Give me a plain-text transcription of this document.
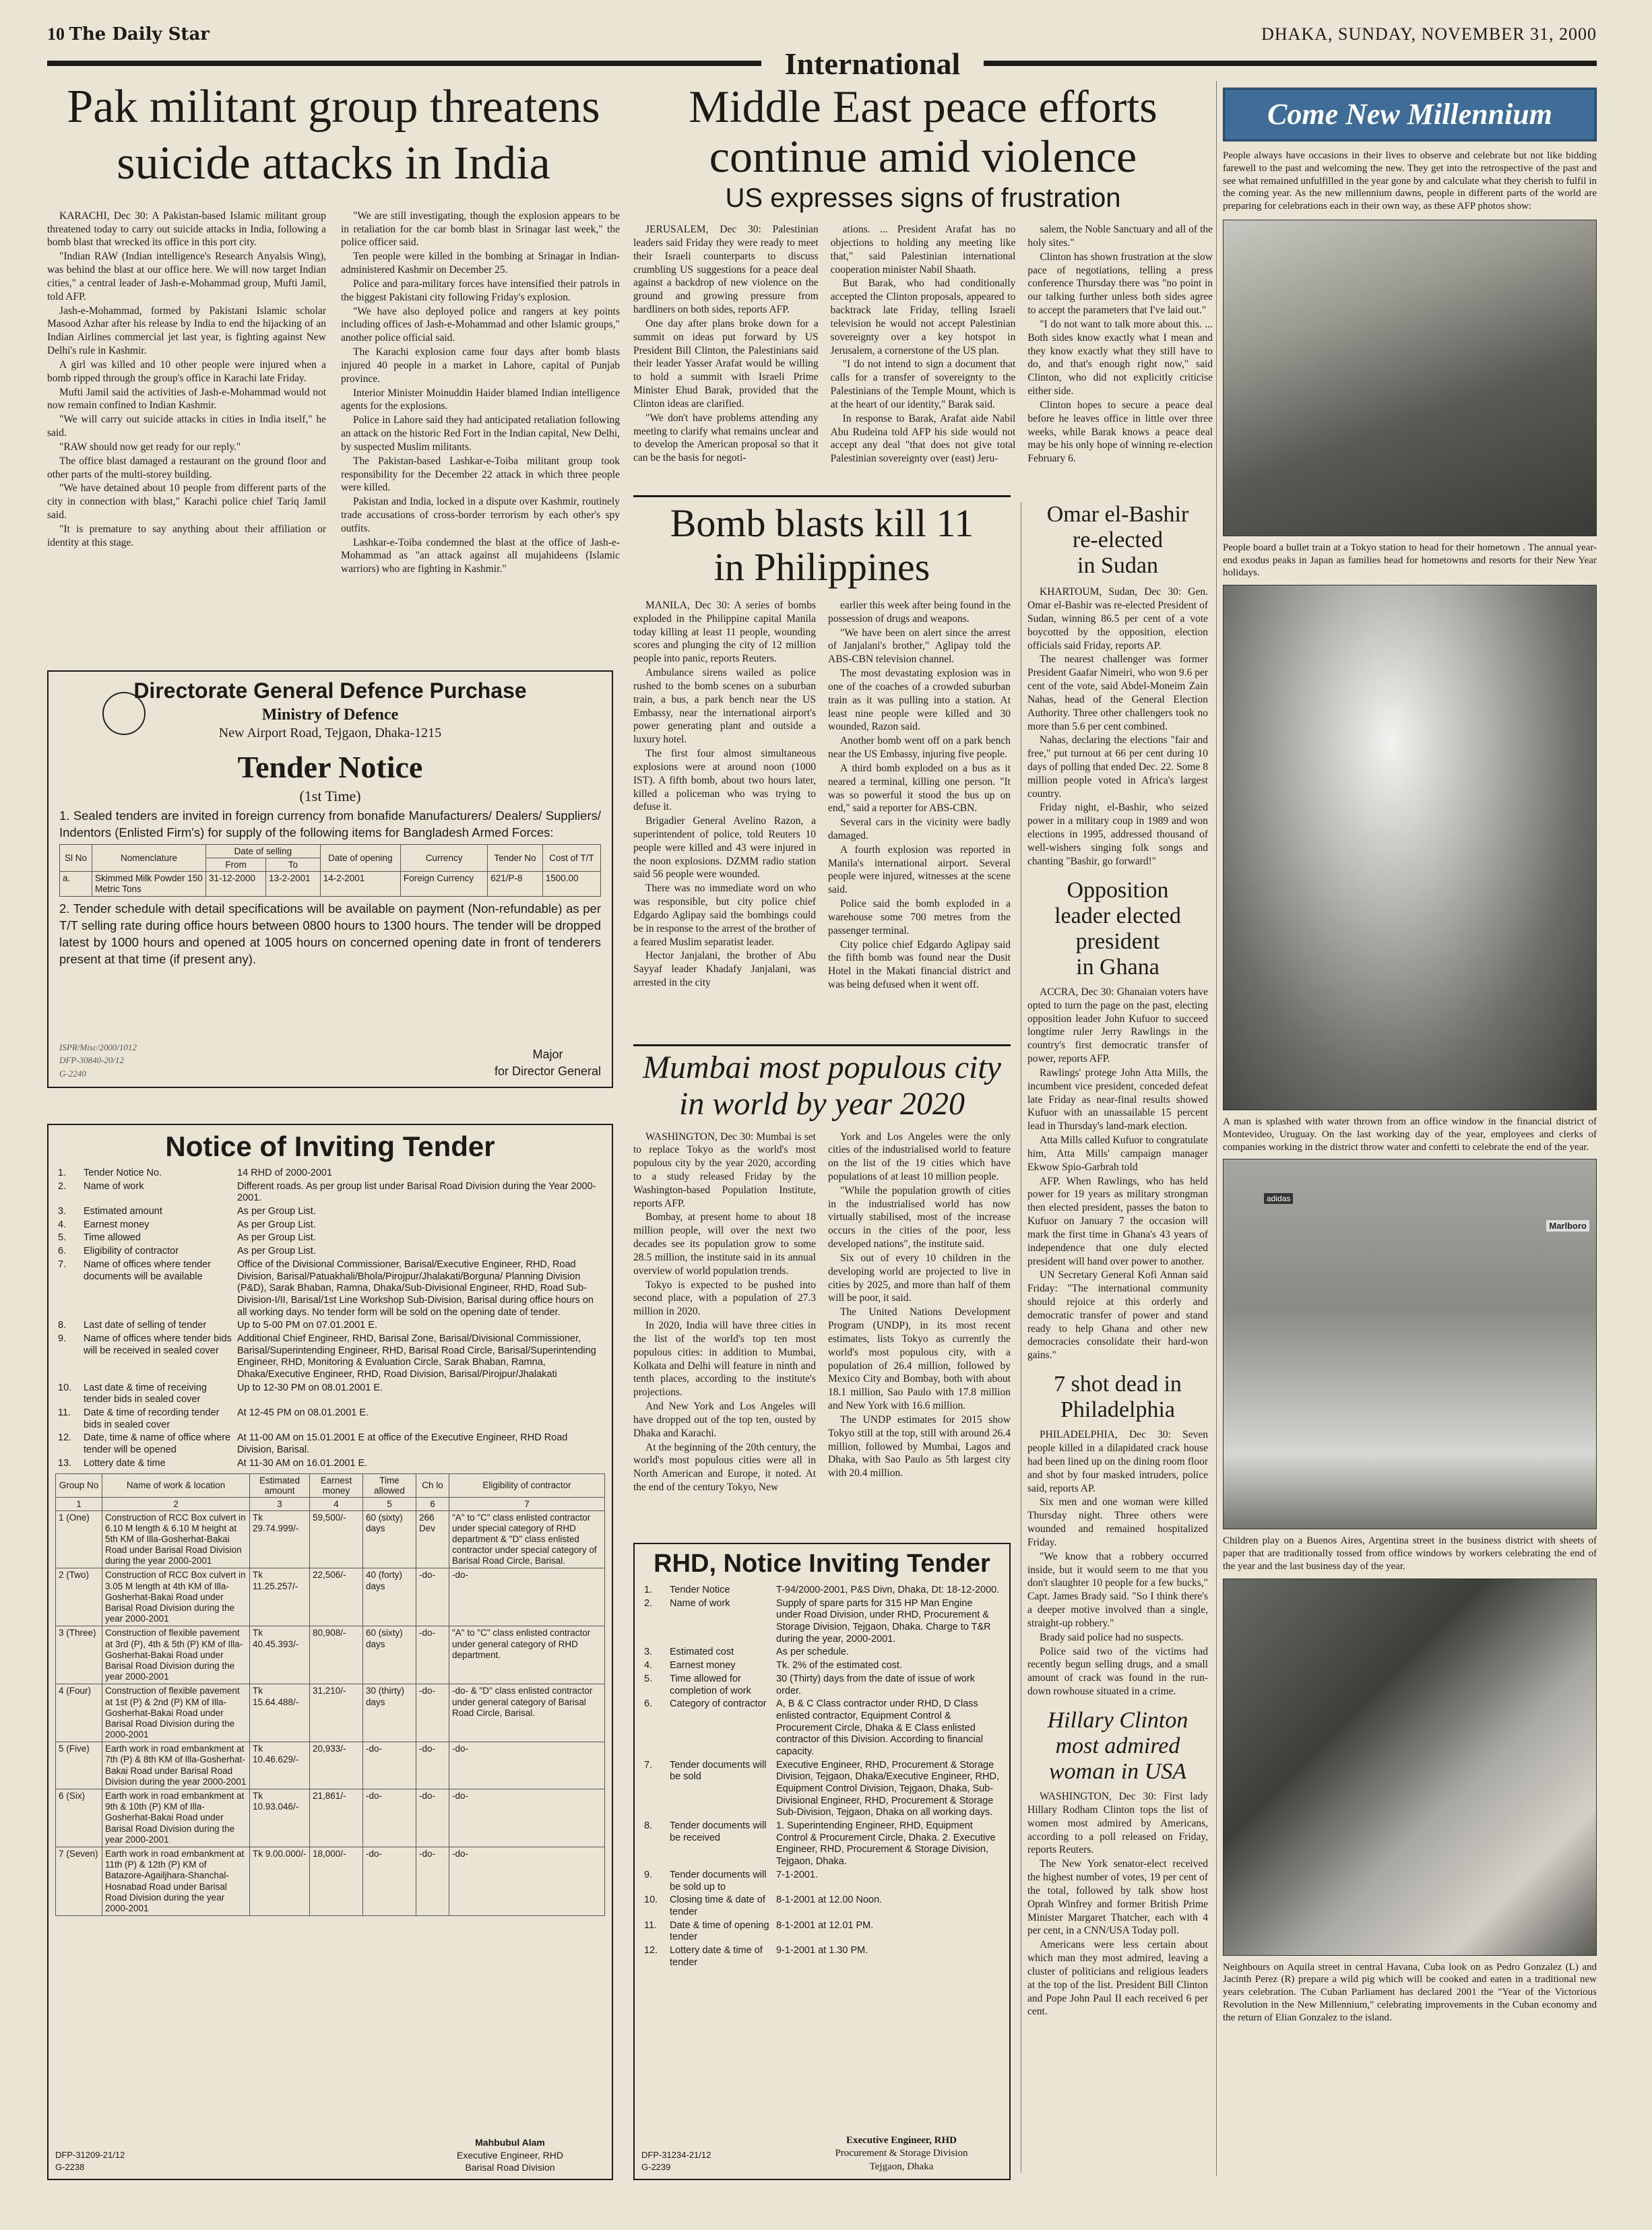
10 The Daily Star	DHAKA, SUNDAY, NOVEMBER 31, 2000
International
Pak militant group threatens
suicide attacks in India

KARACHI, Dec 30: A Pakistan-based Islamic militant group threatened today to carry out suicide attacks in India, following a bomb blast that wrecked its office in this port city.

"Indian RAW (Indian intelligence's Research Anyalsis Wing), was behind the blast at our office here. We will now target Indian cities," a central leader of Jash-e-Mohammad group, Mufti Jamil, told AFP.

Jash-e-Mohammad, formed by Pakistani Islamic scholar Masood Azhar after his release by India to end the hijacking of an Indian Airlines commercial jet last year, is fighting against New Delhi's rule in Kashmir.

A girl was killed and 10 other people were injured when a bomb ripped through the group's office in Karachi late Friday.

Mufti Jamil said the activities of Jash-e-Mohammad would not now remain confined to Indian Kashmir.

"We will carry out suicide attacks in cities in India itself," he said.

"RAW should now get ready for our reply."

The office blast damaged a restaurant on the ground floor and other parts of the multi-storey building.

"We have detained about 10 people from different parts of the city in connection with blast," Karachi police chief Tariq Jamil said.

"It is premature to say anything about their affiliation or identity at this stage.

"We are still investigating, though the explosion appears to be in retaliation for the car bomb blast in Srinagar last week," the police officer said.

Ten people were killed in the bombing at Srinagar in Indian-administered Kashmir on December 25.

Police and para-military forces have intensified their patrols in the biggest Pakistani city following Friday's explosion.

"We have also deployed police and rangers at key points including offices of Jash-e-Mohammad and other Islamic groups," another police official said.

The Karachi explosion came four days after bomb blasts injured 40 people in a market in Lahore, capital of Punjab province.

Interior Minister Moinuddin Haider blamed Indian intelligence agents for the explosions.

Police in Lahore said they had anticipated retaliation following an attack on the historic Red Fort in the Indian capital, New Delhi, by suspected Muslim militants.

The Pakistan-based Lashkar-e-Toiba militant group took responsibility for the December 22 attack in which three people were killed.

Pakistan and India, locked in a dispute over Kashmir, routinely trade accusations of cross-border terrorism by each other's spy outfits.

Lashkar-e-Toiba condemned the blast at the office of Jash-e-Mohammad as "an attack against all mujahideens (Islamic warriors) who are fighting in Kashmir."

Directorate General Defence Purchase
Ministry of Defence
New Airport Road, Tejgaon, Dhaka-1215
Tender Notice
(1st Time)
1. Sealed tenders are invited in foreign currency from bonafide Manufacturers/ Dealers/ Suppliers/ Indentors (Enlisted Firm's) for supply of the following items for Bangladesh Armed Forces:
Sl No	Nomenclature	Date of selling		Date of opening	Currency	Tender No	Cost of T/T
		From	To				
a.	Skimmed Milk Powder 150 Metric Tons	31-12-2000	13-2-2001	14-2-2001	Foreign Currency	621/P-8	1500.00
2. Tender schedule with detail specifications will be available on payment (Non-refundable) as per T/T selling rate during office hours between 0800 hours to 1300 hours. The tender will be dropped latest by 1000 hours and opened at 1005 hours on concerned opening date in front of tenderers present at that time (if present any).
ISPR/Misc/2000/1012
DFP-30840-20/12
G-2240
Major
for Director General
Notice of Inviting Tender
1.	Tender Notice No.	14 RHD of 2000-2001
2.	Name of work	Different roads. As per group list under Barisal Road Division during the Year 2000-2001.
3.	Estimated amount	As per Group List.
4.	Earnest money	As per Group List.
5.	Time allowed	As per Group List.
6.	Eligibility of contractor	As per Group List.
7.	Name of offices where tender documents will be available	Office of the Divisional Commissioner, Barisal/Executive Engineer, RHD, Road Division, Barisal/Patuakhali/Bhola/Pirojpur/Jhalakati/Borguna/ Planning Division (P&D), Sarak Bhaban, Ramna, Dhaka/Sub-Divisional Engineer, RHD, Road Sub-Division-I/II, Barisal/1st Line Workshop Sub-Division, Barisal during office hours on all working days. No tender form will be sold on the opening date of tender.
8.	Last date of selling of tender	Up to 5-00 PM on 07.01.2001 E.
9.	Name of offices where tender bids will be received in sealed cover	Additional Chief Engineer, RHD, Barisal Zone, Barisal/Divisional Commissioner, Barisal/Superintending Engineer, RHD, Barisal Road Circle, Barisal/Superintending Engineer, RHD, Monitoring & Evaluation Circle, Sarak Bhaban, Ramna, Dhaka/Executive Engineer, RHD, Road Division, Barisal/Pirojpur/Jhalakati
10.	Last date & time of receiving tender bids in sealed cover	Up to 12-30 PM on 08.01.2001 E.
11.	Date & time of recording tender bids in sealed cover	At 12-45 PM on 08.01.2001 E.
12.	Date, time & name of office where tender will be opened	At 11-00 AM on 15.01.2001 E at office of the Executive Engineer, RHD Road Division, Barisal.
13.	Lottery date & time	At 11-30 AM on 16.01.2001 E.
Group No	Name of work & location	Estimated amount	Earnest money	Time allowed	Ch lo	Eligibility of contractor
1	2	3	4	5	6	7
1 (One)	Construction of RCC Box culvert in 6.10 M length & 6.10 M height at 5th KM of Illa-Gosherhat-Bakai Road under Barisal Road Division during the year 2000-2001	Tk 29.74.999/-	59,500/-	60 (sixty) days	266 Dev	"A" to "C" class enlisted contractor under special category of RHD department & "D" class enlisted contractor under special category of Barisal Road Circle, Barisal.
2 (Two)	Construction of RCC Box culvert in 3.05 M length at 4th KM of Illa-Gosherhat-Bakai Road under Barisal Road Division during the year 2000-2001	Tk 11.25.257/-	22,506/-	40 (forty) days	-do-	-do-
3 (Three)	Construction of flexible pavement at 3rd (P), 4th & 5th (P) KM of Illa-Gosherhat-Bakai Road under Barisal Road Division during the year 2000-2001	Tk 40.45.393/-	80,908/-	60 (sixty) days	-do-	"A" to "C" class enlisted contractor under general category of RHD department.
4 (Four)	Construction of flexible pavement at 1st (P) & 2nd (P) KM of Illa-Gosherhat-Bakai Road under Barisal Road Division during the 2000-2001	Tk 15.64.488/-	31,210/-	30 (thirty) days	-do-	-do- & "D" class enlisted contractor under general category of Barisal Road Circle, Barisal.
5 (Five)	Earth work in road embankment at 7th (P) & 8th KM of Illa-Gosherhat-Bakai Road under Barisal Road Division during the year 2000-2001	Tk 10.46.629/-	20,933/-	-do-	-do-	-do-
6 (Six)	Earth work in road embankment at 9th & 10th (P) KM of Illa-Gosherhat-Bakai Road under Barisal Road Division during the year 2000-2001	Tk 10.93.046/-	21,861/-	-do-	-do-	-do-
7 (Seven)	Earth work in road embankment at 11th (P) & 12th (P) KM of Batazore-Agailjhara-Shanchal-Hosnabad Road under Barisal Road Division during the year 2000-2001	Tk 9.00.000/-	18,000/-	-do-	-do-	-do-
DFP-31209-21/12
G-2238
Mahbubul Alam
Executive Engineer, RHD
Barisal Road Division
Middle East peace efforts
continue amid violence
US expresses signs of frustration

JERUSALEM, Dec 30: Palestinian leaders said Friday they were ready to meet their Israeli counterparts to discuss crumbling US suggestions for a peace deal against a backdrop of new violence on the ground and growing pressure from hardliners on both sides, reports AFP.

One day after plans broke down for a summit on ideas put forward by US President Bill Clinton, the Palestinians said their leader Yasser Arafat would be willing to hold a summit with Israeli Prime Minister Ehud Barak, provided that the Clinton ideas are clarified.

"We don't have problems attending any meeting to clarify what remains unclear and to develop the American proposal so that it can be the basis for negoti-

ations. ... President Arafat has no objections to holding any meeting like that," said Palestinian international cooperation minister Nabil Shaath.

But Barak, who had conditionally accepted the Clinton proposals, appeared to backtrack late Friday, telling Israeli television he would not accept Palestinian sovereignty over a key hotspot in Jerusalem, a cornerstone of the US plan.

"I do not intend to sign a document that calls for a transfer of sovereignty to the Palestinians of the Temple Mount, which is at the heart of our identity," Barak said.

In response to Barak, Arafat aide Nabil Abu Rudeina told AFP his side would not accept any deal "that does not give total Palestinian sovereignty over (east) Jeru-

salem, the Noble Sanctuary and all of the holy sites."

Clinton has shown frustration at the slow pace of negotiations, telling a press conference Thursday there was "no point in our talking further unless both sides agree to accept the parameters that I've laid out."

"I do not want to talk more about this. ... Both sides know exactly what I mean and they know exactly what they still have to do, and that's enough right now," said Clinton, who did not explicitly criticise either side.

Clinton hopes to secure a peace deal before he leaves office in little over three weeks, while Barak knows a peace deal may be his only hope of winning re-election February 6.

Bomb blasts kill 11
in Philippines

MANILA, Dec 30: A series of bombs exploded in the Philippine capital Manila today killing at least 11 people, wounding scores and plunging the city of 12 million people into panic, reports Reuters.

Ambulance sirens wailed as police rushed to the bomb scenes on a suburban train, a bus, a park bench near the US Embassy, near the international airport's power generating plant and outside a luxury hotel.

The first four almost simultaneous explosions were at around noon (1000 IST). A fifth bomb, about two hours later, killed a policeman who was trying to defuse it.

Brigadier General Avelino Razon, a superintendent of police, told Reuters 10 people were killed and 43 were injured in the noon explosions. DZMM radio station said 56 people were wounded.

There was no immediate word on who was responsible, but city police chief Edgardo Aglipay said the bombings could be in response to the arrest of the brother of a feared Muslim separatist leader.

Hector Janjalani, the brother of Abu Sayyaf leader Khadafy Janjalani, was arrested in the city

earlier this week after being found in the possession of drugs and weapons.

"We have been on alert since the arrest of Janjalani's brother," Aglipay told the ABS-CBN television channel.

The most devastating explosion was in one of the coaches of a crowded suburban train as it was pulling into a station. At least nine people were killed and 30 wounded, Razon said.

Another bomb went off on a park bench near the US Embassy, injuring five people.

A third bomb exploded on a bus as it neared a terminal, killing one person. "It was so powerful it stood the bus up on end," said a reporter for ABS-CBN.

Several cars in the vicinity were badly damaged.

A fourth explosion was reported in Manila's international airport. Several people were injured, witnesses at the scene said.

Police said the bomb exploded in a warehouse some 700 metres from the passenger terminal.

City police chief Edgardo Aglipay said the fifth bomb was found near the Dusit Hotel in the Makati financial district and was being defused when it went off.

Mumbai most populous city
in world by year 2020

WASHINGTON, Dec 30: Mumbai is set to replace Tokyo as the world's most populous city by the year 2020, according to a study released Friday by the Washington-based Population Institute, reports AFP.

Bombay, at present home to about 18 million people, will over the next two decades see its population grow to some 28.5 million, the institute said in its annual overview of world population trends.

Tokyo is expected to be pushed into second place, with a population of 27.3 million in 2020.

In 2020, India will have three cities in the list of the world's top ten most populous cities: in addition to Mumbai, Kolkata and Delhi will feature in ninth and tenth places, according to the institute's projections.

And New York and Los Angeles will have dropped out of the top ten, ousted by Dhaka and Karachi.

At the beginning of the 20th century, the world's most populous cities were all in North American and Europe, it noted. At the end of the century Tokyo, New

York and Los Angeles were the only cities of the industrialised world to feature on the list of the 19 cities which have populations of at least 10 million people.

"While the population growth of cities in the industrialised world has now virtually stabilised, most of the increase occurs in the cities of the poor, less developed nations", the institute said.

Six out of every 10 children in the developing world are projected to live in cities by 2025, and more than half of them will be poor, it said.

The United Nations Development Program (UNDP), in its most recent estimates, lists Tokyo as currently the world's most populous city, with a population of 26.4 million, followed by Mexico City and Bombay, both with about 18.1 million, Sao Paulo with 17.8 million and New York with 16.6 million.

The UNDP estimates for 2015 show Tokyo still at the top, still with around 26.4 million, followed by Mumbai, Lagos and Dhaka, with Sao Paulo as 5th largest city with 20.4 million.

RHD, Notice Inviting Tender
1.	Tender Notice	T-94/2000-2001, P&S Divn, Dhaka, Dt: 18-12-2000.
2.	Name of work	Supply of spare parts for 315 HP Man Engine under Road Division, under RHD, Procurement & Storage Division, Tejgaon, Dhaka. Charge to T&R during the year, 2000-2001.
3.	Estimated cost	As per schedule.
4.	Earnest money	Tk. 2% of the estimated cost.
5.	Time allowed for completion of work	30 (Thirty) days from the date of issue of work order.
6.	Category of contractor	A, B & C Class contractor under RHD, D Class enlisted contractor, Equipment Control & Procurement Circle, Dhaka & E Class enlisted contractor of this Division. According to financial capacity.
7.	Tender documents will be sold	Executive Engineer, RHD, Procurement & Storage Division, Tejgaon, Dhaka/Executive Engineer, RHD, Equipment Control Division, Tejgaon, Dhaka, Sub-Divisional Engineer, RHD, Procurement & Storage Sub-Division, Tejgaon, Dhaka on all working days.
8.	Tender documents will be received	1. Superintending Engineer, RHD, Equipment Control & Procurement Circle, Dhaka. 2. Executive Engineer, RHD, Procurement & Storage Division, Tejgaon, Dhaka.
9.	Tender documents will be sold up to	7-1-2001.
10.	Closing time & date of tender	8-1-2001 at 12.00 Noon.
11.	Date & time of opening tender	8-1-2001 at 12.01 PM.
12.	Lottery date & time of tender	9-1-2001 at 1.30 PM.
DFP-31234-21/12
G-2239
Executive Engineer, RHD
Procurement & Storage Division
Tejgaon, Dhaka
Omar el-Bashir
re-elected
in Sudan

KHARTOUM, Sudan, Dec 30: Gen. Omar el-Bashir was re-elected President of Sudan, winning 86.5 per cent of a vote boycotted by the opposition, election officials said Friday, reports AP.

The nearest challenger was former President Gaafar Nimeiri, who won 9.6 per cent of the vote, said Abdel-Moneim Zain Nahas, head of the General Election Authority. Three other challengers took no more than 5.6 per cent combined.

Nahas, declaring the elections "fair and free," put turnout at 66 per cent during 10 days of polling that ended Dec. 22. Some 8 million people voted in Africa's largest country.

Friday night, el-Bashir, who seized power in a military coup in 1989 and won elections in 1995, addressed thousand of well-wishers singing folk songs and chanting "Bashir, go forward!"

Opposition
leader elected
president
in Ghana

ACCRA, Dec 30: Ghanaian voters have opted to turn the page on the past, electing opposition leader John Kufuor to succeed longtime ruler Jerry Rawlings in the country's first democratic transfer of power, reports AFP.

Rawlings' protege John Atta Mills, the incumbent vice president, conceded defeat late Friday as near-final results showed Kufuor with an unassailable 15 percent lead in Thursday's land-mark election.

Atta Mills called Kufuor to congratulate him, Atta Mills' campaign manager Ekwow Spio-Garbrah told

AFP. When Rawlings, who has held power for 19 years as military strongman then elected president, passes the baton to Kufuor on January 7 the occasion will mark the first time in Ghana's 43 years of independence that one duly elected president will hand over power to another.

UN Secretary General Kofi Annan said Friday: "The international community should rejoice at this orderly and democratic transfer of power and stand ready to help Ghana and other new democracies consolidate their hard-won gains."

7 shot dead in
Philadelphia

PHILADELPHIA, Dec 30: Seven people killed in a dilapidated crack house had been lined up on the dining room floor and shot by four masked intruders, police said, reports AP.

Six men and one woman were killed Thursday night. Three others were wounded and remained hospitalized Friday.

"We know that a robbery occurred inside, but it would seem to me that you don't slaughter 10 people for a few bucks," Capt. James Brady said. "So I think there's a deeper motive involved than a single, straight-up robbery."

Brady said police had no suspects.

Police said two of the victims had recently begun selling drugs, and a small amount of crack was found in the run-down rowhouse situated in a crime.

Hillary Clinton
most admired
woman in USA

WASHINGTON, Dec 30: First lady Hillary Rodham Clinton tops the list of women most admired by Americans, according to a poll released on Friday, reports Reuters.

The New York senator-elect received the highest number of votes, 19 per cent of the total, followed by talk show host Oprah Winfrey and former British Prime Minister Margaret Thatcher, each with 4 per cent, in a CNN/USA Today poll.

Americans were less certain about which man they most admired, leaving a cluster of politicians and religious leaders at the top of the list. President Bill Clinton and Pope John Paul II each received 6 per cent.

Come New Millennium
People always have occasions in their lives to observe and celebrate but not like bidding farewell to the past and welcoming the new. They get into the retrospective of the past and see what remained unfulfilled in the year gone by and calculate what they cherish to fulfil in the coming year. As the new millennium dawns, people in different parts of the world are preparing for celebrations each in their own way, as these AFP photos show:
People board a bullet train at a Tokyo station to head for their hometown . The annual year-end exodus peaks in Japan as families head for hometowns and resorts for their New Year holidays.
A man is splashed with water thrown from an office window in the financial district of Montevideo, Uruguay. On the last working day of the year, employees and clerks of companies working in the district throw water and confetti to celebrate the end of the year.
adidas
Marlboro
Children play on a Buenos Aires, Argentina street in the business district with sheets of paper that are traditionally tossed from office windows by workers celebrating the end of the year and the last business day of the year.
Neighbours on Aquila street in central Havana, Cuba look on as Pedro Gonzalez (L) and Jacinth Perez (R) prepare a wild pig which will be cooked and eaten in a traditional new years celebration. The Cuban Parliament has declared 2001 the "Year of the Victorious Revolution in the New Millennium," celebrating improvements in the Cuban economy and the return of Elian Gonzalez to the island.
